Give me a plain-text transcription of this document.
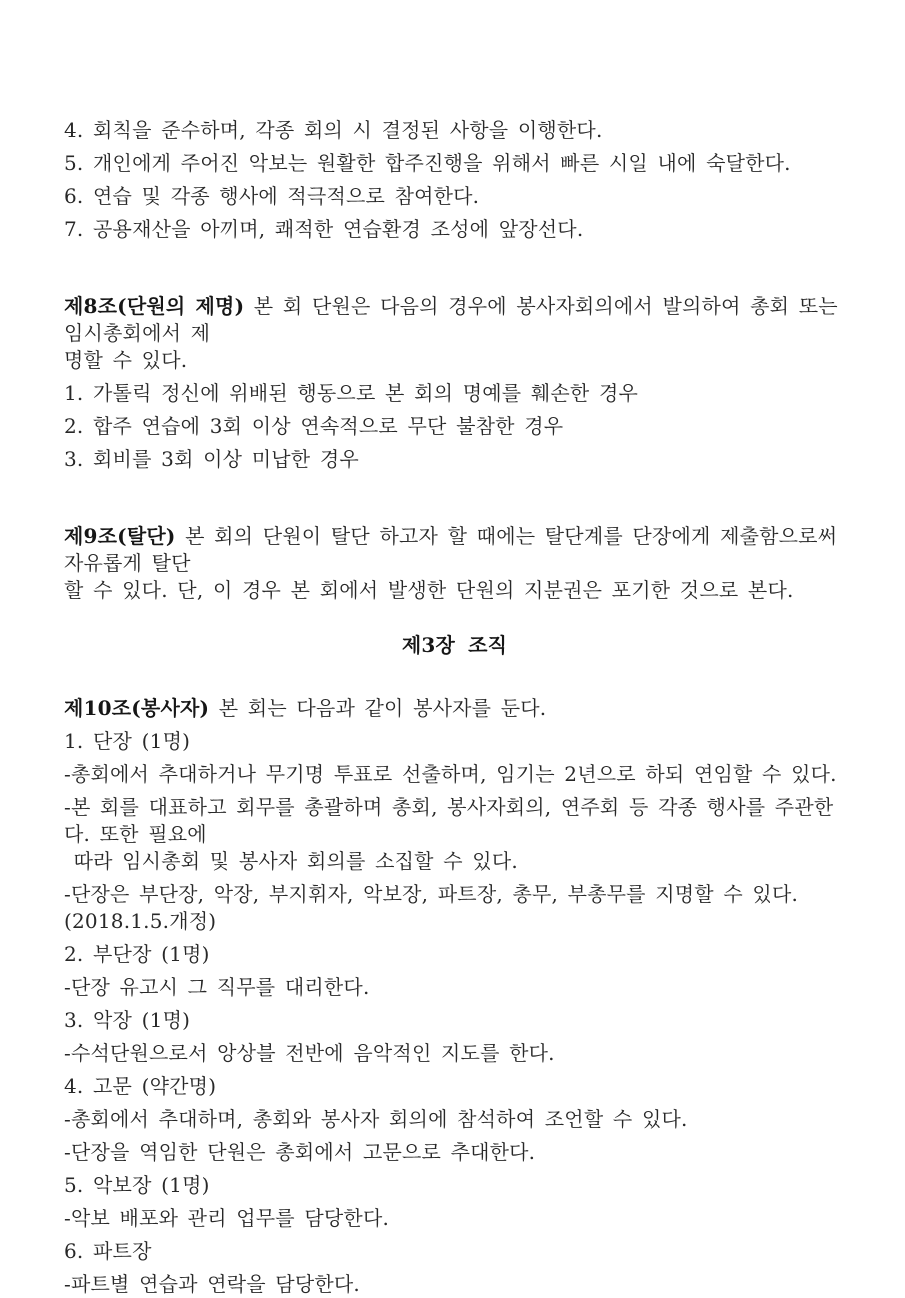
4. 회칙을 준수하며, 각종 회의 시 결정된 사항을 이행한다.

5. 개인에게 주어진 악보는 원활한 합주진행을 위해서 빠른 시일 내에 숙달한다.

6. 연습 및 각종 행사에 적극적으로 참여한다.

7. 공용재산을 아끼며, 쾌적한 연습환경 조성에 앞장선다.

제8조(단원의 제명) 본 회 단원은 다음의 경우에 봉사자회의에서 발의하여 총회 또는 임시총회에서 제
명할 수 있다.

1. 가톨릭 정신에 위배된 행동으로 본 회의 명예를 훼손한 경우

2. 합주 연습에 3회 이상 연속적으로 무단 불참한 경우

3. 회비를 3회 이상 미납한 경우

제9조(탈단) 본 회의 단원이 탈단 하고자 할 때에는 탈단계를 단장에게 제출함으로써 자유롭게 탈단
할 수 있다. 단, 이 경우 본 회에서 발생한 단원의 지분권은 포기한 것으로 본다.

제3장 조직

제10조(봉사자) 본 회는 다음과 같이 봉사자를 둔다.

1. 단장 (1명)

-총회에서 추대하거나 무기명 투표로 선출하며, 임기는 2년으로 하되 연임할 수 있다.

-본 회를 대표하고 회무를 총괄하며 총회, 봉사자회의, 연주회 등 각종 행사를 주관한다. 또한 필요에
따라 임시총회 및 봉사자 회의를 소집할 수 있다.

-단장은 부단장, 악장, 부지휘자, 악보장, 파트장, 총무, 부총무를 지명할 수 있다. (2018.1.5.개정)

2. 부단장 (1명)

-단장 유고시 그 직무를 대리한다.

3. 악장 (1명)

-수석단원으로서 앙상블 전반에 음악적인 지도를 한다.

4. 고문 (약간명)

-총회에서 추대하며, 총회와 봉사자 회의에 참석하여 조언할 수 있다.

-단장을 역임한 단원은 총회에서 고문으로 추대한다.

5. 악보장 (1명)

-악보 배포와 관리 업무를 담당한다.

6. 파트장

-파트별 연습과 연락을 담당한다.
